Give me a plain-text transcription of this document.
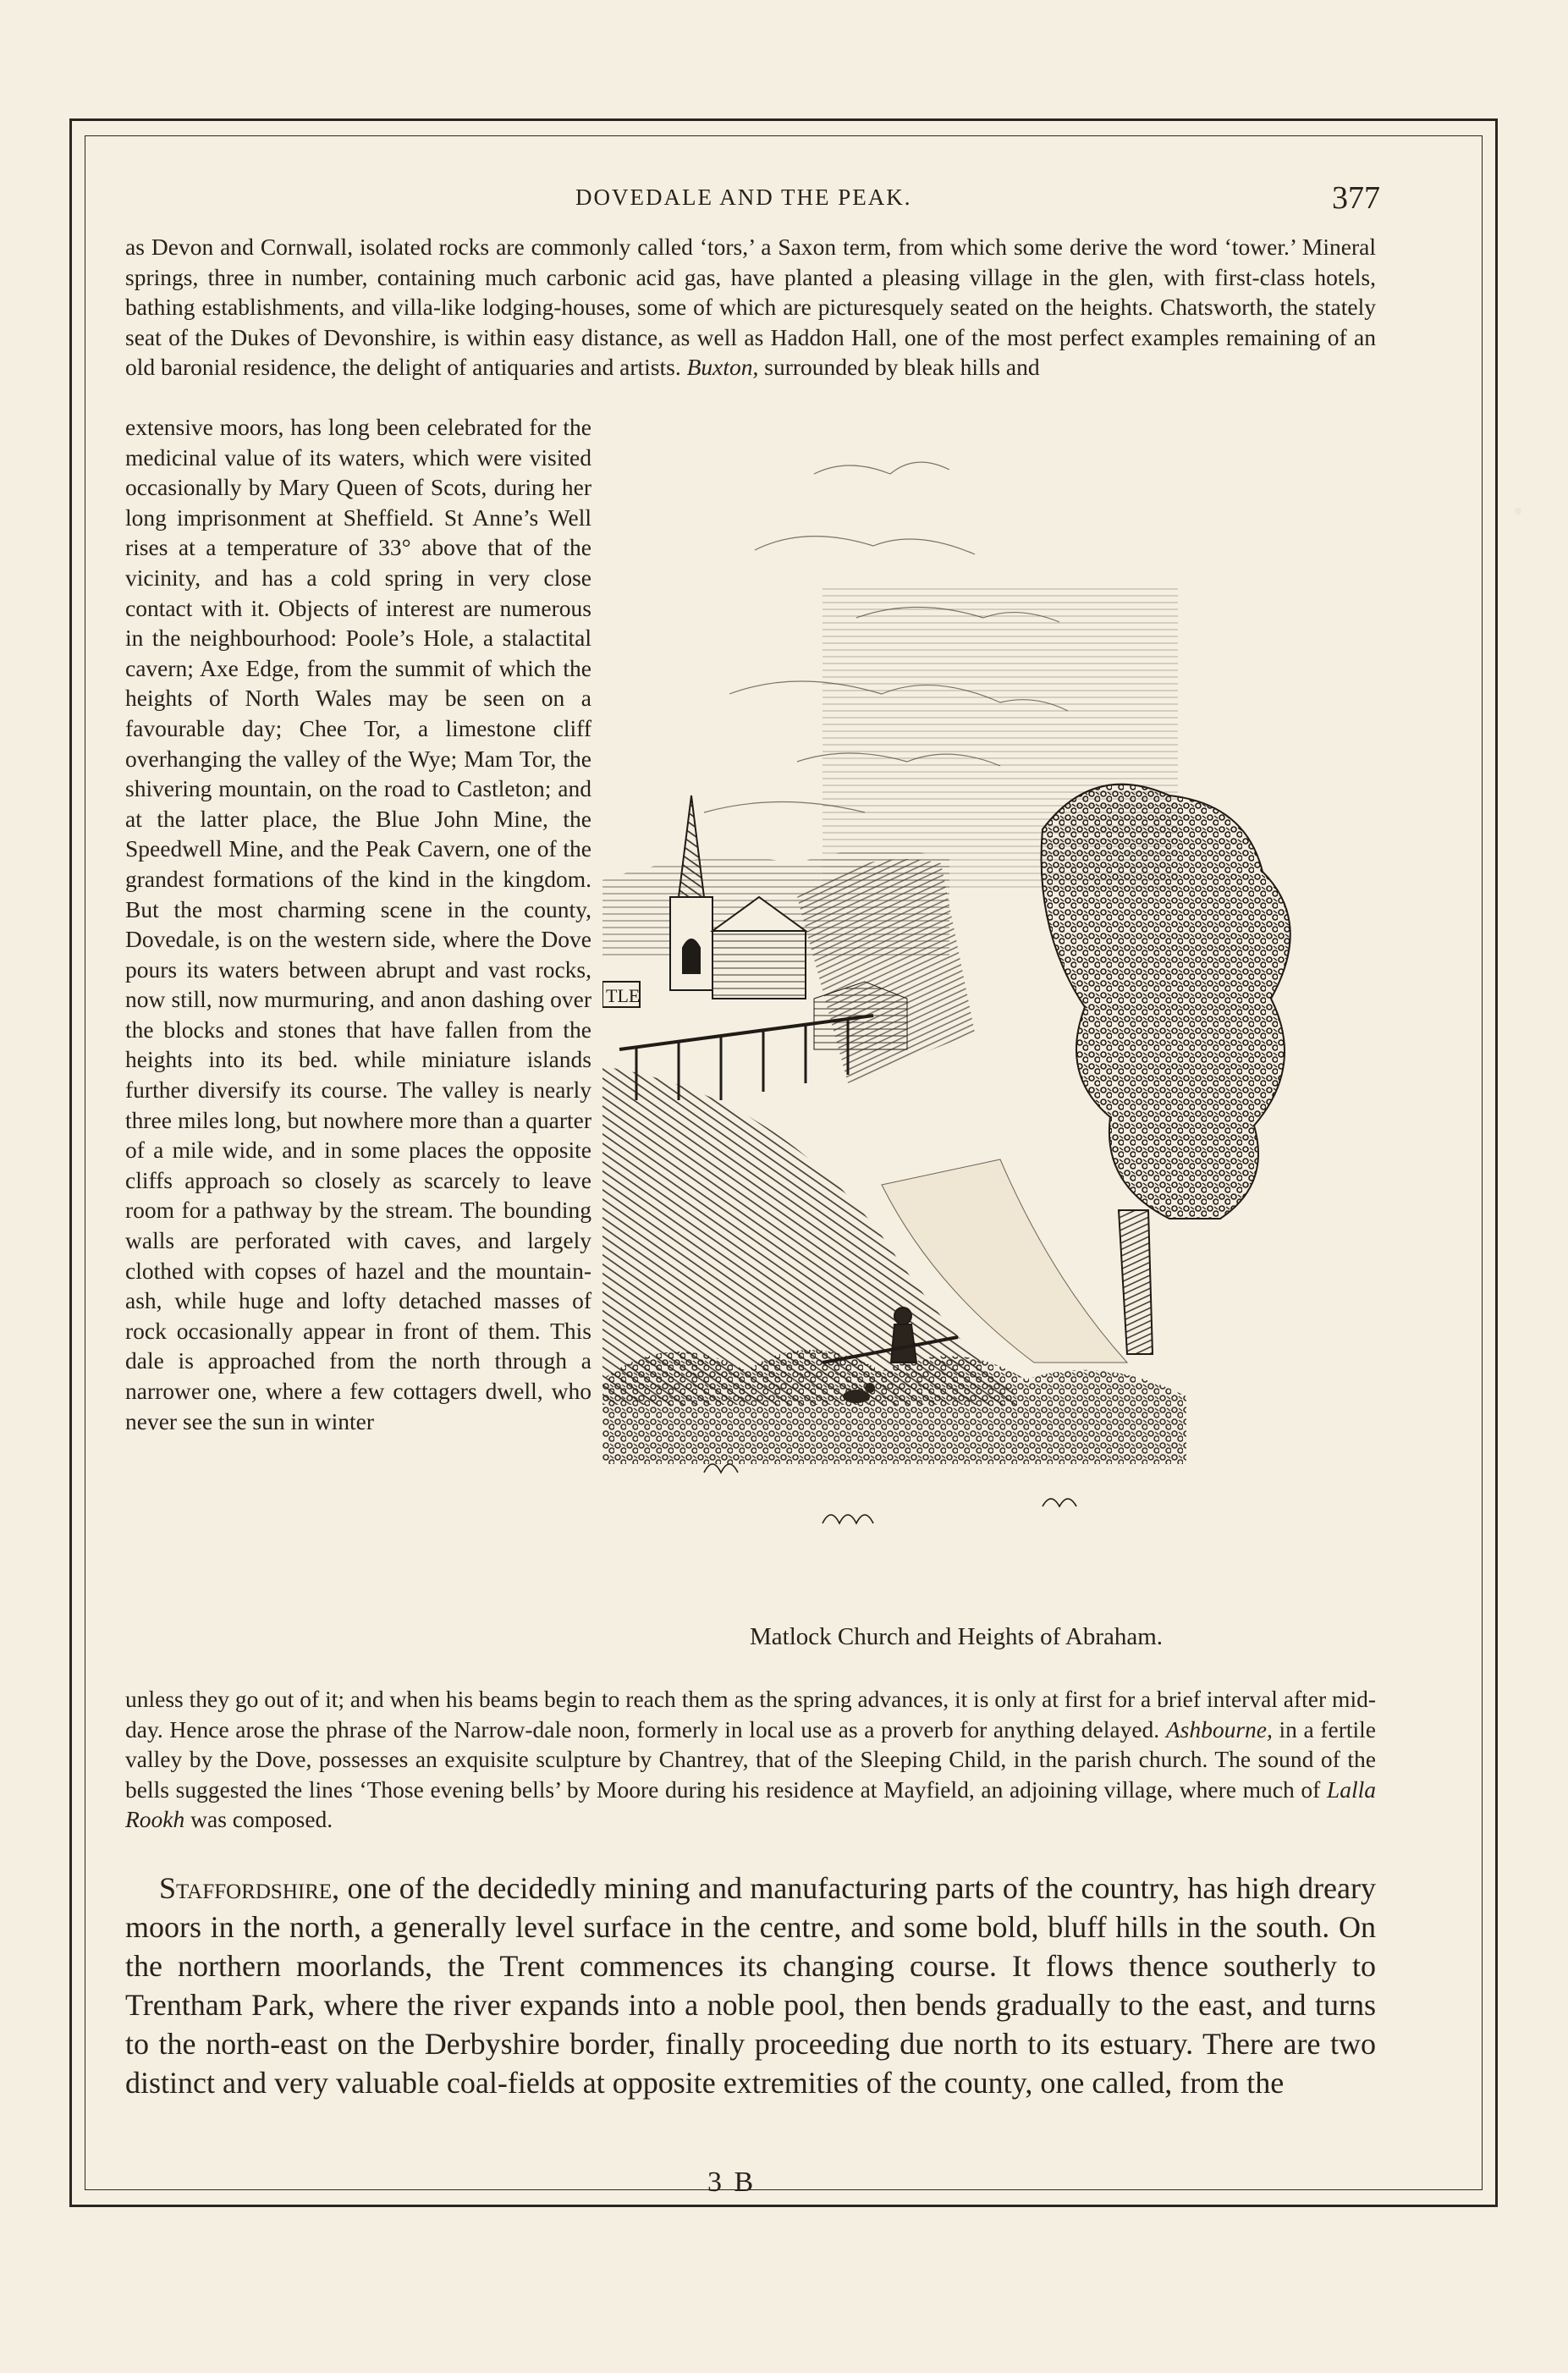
DOVEDALE AND THE PEAK.	377

as Devon and Cornwall, isolated rocks are commonly called ‘tors,’ a Saxon term, from which some derive the word ‘tower.’ Mineral springs, three in number, containing much carbonic acid gas, have planted a pleasing village in the glen, with first-class hotels, bathing establishments, and villa-like lodging-houses, some of which are picturesquely seated on the heights. Chatsworth, the stately seat of the Dukes of Devonshire, is within easy distance, as well as Haddon Hall, one of the most perfect examples remaining of an old baronial residence, the delight of antiquaries and artists. Buxton, surrounded by bleak hills and

extensive moors, has long been celebrated for the medicinal value of its waters, which were visited occasionally by Mary Queen of Scots, during her long imprisonment at Sheffield. St Anne’s Well rises at a temperature of 33° above that of the vicinity, and has a cold spring in very close contact with it. Objects of interest are numerous in the neighbourhood: Poole’s Hole, a stalactital cavern; Axe Edge, from the summit of which the heights of North Wales may be seen on a favourable day; Chee Tor, a limestone cliff overhanging the valley of the Wye; Mam Tor, the shivering mountain, on the road to Castleton; and at the latter place, the Blue John Mine, the Speedwell Mine, and the Peak Cavern, one of the grandest formations of the kind in the kingdom. But the most charming scene in the county, Dovedale, is on the western side, where the Dove pours its waters between abrupt and vast rocks, now still, now murmuring, and anon dashing over the blocks and stones that have fallen from the heights into its bed. while miniature islands further diversify its course. The valley is nearly three miles long, but nowhere more than a quarter of a mile wide, and in some places the opposite cliffs approach so closely as scarcely to leave room for a pathway by the stream. The bounding walls are perforated with caves, and largely clothed with copses of hazel and the mountain-ash, while huge and lofty detached masses of rock occasionally appear in front of them. This dale is approached from the north through a narrower one, where a few cottagers dwell, who never see the sun in winter

TLE
Matlock Church and Heights of Abraham.

unless they go out of it; and when his beams begin to reach them as the spring advances, it is only at first for a brief interval after mid-day. Hence arose the phrase of the Narrow-dale noon, formerly in local use as a proverb for anything delayed. Ashbourne, in a fertile valley by the Dove, possesses an exquisite sculpture by Chantrey, that of the Sleeping Child, in the parish church. The sound of the bells suggested the lines ‘Those evening bells’ by Moore during his residence at Mayfield, an adjoining village, where much of Lalla Rookh was composed.

Staffordshire, one of the decidedly mining and manufacturing parts of the country, has high dreary moors in the north, a generally level surface in the centre, and some bold, bluff hills in the south. On the northern moorlands, the Trent commences its changing course. It flows thence southerly to Trentham Park, where the river expands into a noble pool, then bends gradually to the east, and turns to the north-east on the Derbyshire border, finally proceeding due north to its estuary. There are two distinct and very valuable coal-fields at opposite extremities of the county, one called, from the

3 B
